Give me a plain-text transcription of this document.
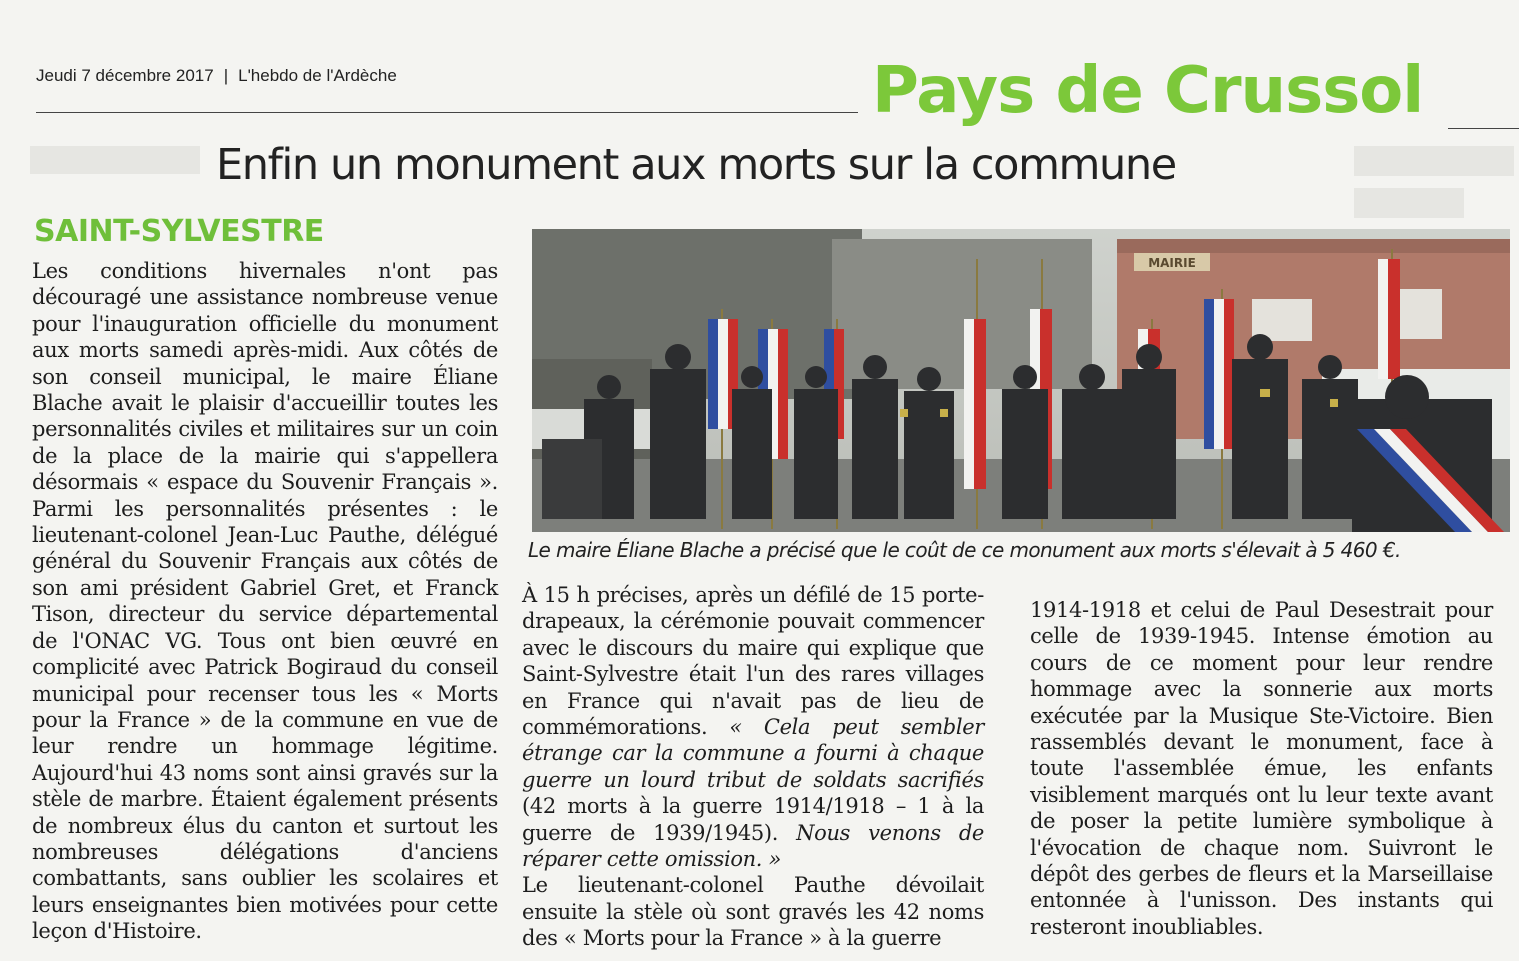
Jeudi 7 décembre 2017 | L'hebdo de l'Ardèche	Pays de Crussol
Enfin un monument aux morts sur la commune
SAINT-SYLVESTRE
Les conditions hivernales n'ont pas découragé une assistance nombreuse venue pour l'inauguration officielle du monument aux morts samedi après-midi. Aux côtés de son conseil municipal, le maire Éliane Blache avait le plaisir d'accueillir toutes les personnalités civiles et militaires sur un coin de la place de la mairie qui s'appellera désormais « espace du Souvenir Français ». Parmi les personnalités présentes : le lieutenant-colonel Jean-Luc Pauthe, délégué général du Souvenir Français aux côtés de son ami président Gabriel Gret, et Franck Tison, directeur du service départemental de l'ONAC VG. Tous ont bien œuvré en complicité avec Patrick Bogiraud du conseil municipal pour recenser tous les « Morts pour la France » de la commune en vue de leur rendre un hommage légitime. Aujourd'hui 43 noms sont ainsi gravés sur la stèle de marbre. Étaient également présents de nombreux élus du canton et surtout les nombreuses délégations d'anciens combattants, sans oublier les scolaires et leurs enseignantes bien motivées pour cette leçon d'Histoire.
MAIRIE
Le maire Éliane Blache a précisé que le coût de ce monument aux morts s'élevait à 5 460 €.
À 15 h précises, après un défilé de 15 porte-drapeaux, la cérémonie pouvait commencer avec le discours du maire qui explique que Saint-Sylvestre était l'un des rares villages en France qui n'avait pas de lieu de commémorations. « Cela peut sembler étrange car la commune a fourni à chaque guerre un lourd tribut de soldats sacrifiés (42 morts à la guerre 1914/1918 – 1 à la guerre de 1939/1945). Nous venons de réparer cette omission. »
Le lieutenant-colonel Pauthe dévoilait ensuite la stèle où sont gravés les 42 noms des « Morts pour la France » à la guerre
1914-1918 et celui de Paul Desestrait pour celle de 1939-1945. Intense émotion au cours de ce moment pour leur rendre hommage avec la sonnerie aux morts exécutée par la Musique Ste-Victoire. Bien rassemblés devant le monument, face à toute l'assemblée émue, les enfants visiblement marqués ont lu leur texte avant de poser la petite lumière symbolique à l'évocation de chaque nom. Suivront le dépôt des gerbes de fleurs et la Marseillaise entonnée à l'unisson. Des instants qui resteront inoubliables.
